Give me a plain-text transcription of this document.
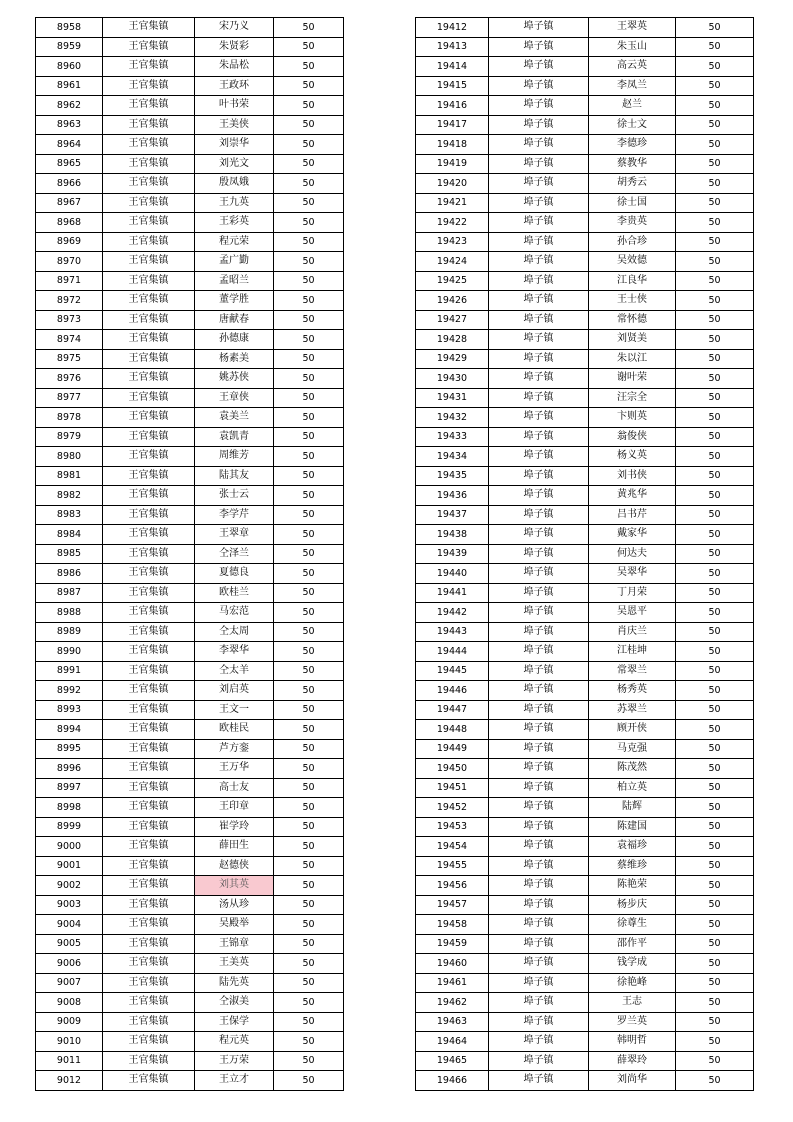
8958	王官集镇	宋乃义	50
8959	王官集镇	朱贤彩	50
8960	王官集镇	朱品松	50
8961	王官集镇	王政环	50
8962	王官集镇	叶书荣	50
8963	王官集镇	王美侠	50
8964	王官集镇	刘崇华	50
8965	王官集镇	刘光文	50
8966	王官集镇	殷凤娥	50
8967	王官集镇	王九英	50
8968	王官集镇	王彩英	50
8969	王官集镇	程元荣	50
8970	王官集镇	孟广勤	50
8971	王官集镇	孟昭兰	50
8972	王官集镇	董学胜	50
8973	王官集镇	唐献春	50
8974	王官集镇	孙德康	50
8975	王官集镇	杨素美	50
8976	王官集镇	姚苏侠	50
8977	王官集镇	王章侠	50
8978	王官集镇	袁美兰	50
8979	王官集镇	袁凯青	50
8980	王官集镇	周维芳	50
8981	王官集镇	陆其友	50
8982	王官集镇	张士云	50
8983	王官集镇	李学芹	50
8984	王官集镇	王翠章	50
8985	王官集镇	仝泽兰	50
8986	王官集镇	夏德良	50
8987	王官集镇	欧桂兰	50
8988	王官集镇	马宏范	50
8989	王官集镇	仝太周	50
8990	王官集镇	李翠华	50
8991	王官集镇	仝太羊	50
8992	王官集镇	刘启英	50
8993	王官集镇	王文一	50
8994	王官集镇	欧桂民	50
8995	王官集镇	芦方銮	50
8996	王官集镇	王万华	50
8997	王官集镇	高士友	50
8998	王官集镇	王印章	50
8999	王官集镇	崔学玲	50
9000	王官集镇	薛田生	50
9001	王官集镇	赵德侠	50
9002	王官集镇	刘其英	50
9003	王官集镇	汤从珍	50
9004	王官集镇	吴殿举	50
9005	王官集镇	王锦章	50
9006	王官集镇	王美英	50
9007	王官集镇	陆先英	50
9008	王官集镇	仝淑美	50
9009	王官集镇	王保学	50
9010	王官集镇	程元英	50
9011	王官集镇	王万荣	50
9012	王官集镇	王立才	50
19412	埠子镇	王翠英	50
19413	埠子镇	朱玉山	50
19414	埠子镇	高云英	50
19415	埠子镇	李凤兰	50
19416	埠子镇	赵兰	50
19417	埠子镇	徐士文	50
19418	埠子镇	李德珍	50
19419	埠子镇	蔡教华	50
19420	埠子镇	胡秀云	50
19421	埠子镇	徐士国	50
19422	埠子镇	李贵英	50
19423	埠子镇	孙合珍	50
19424	埠子镇	吴效德	50
19425	埠子镇	江良华	50
19426	埠子镇	王士侠	50
19427	埠子镇	常怀德	50
19428	埠子镇	刘贤美	50
19429	埠子镇	朱以江	50
19430	埠子镇	谢叶荣	50
19431	埠子镇	汪宗全	50
19432	埠子镇	卞则英	50
19433	埠子镇	翁俊侠	50
19434	埠子镇	杨义英	50
19435	埠子镇	刘书侠	50
19436	埠子镇	黄兆华	50
19437	埠子镇	吕书芹	50
19438	埠子镇	戴家华	50
19439	埠子镇	何达夫	50
19440	埠子镇	吴翠华	50
19441	埠子镇	丁月荣	50
19442	埠子镇	吴恩平	50
19443	埠子镇	肖庆兰	50
19444	埠子镇	江桂坤	50
19445	埠子镇	常翠兰	50
19446	埠子镇	杨秀英	50
19447	埠子镇	苏翠兰	50
19448	埠子镇	顾开侠	50
19449	埠子镇	马克强	50
19450	埠子镇	陈茂然	50
19451	埠子镇	柏立英	50
19452	埠子镇	陆辉	50
19453	埠子镇	陈建国	50
19454	埠子镇	袁福珍	50
19455	埠子镇	蔡维珍	50
19456	埠子镇	陈艳荣	50
19457	埠子镇	杨步庆	50
19458	埠子镇	徐尊生	50
19459	埠子镇	邵作平	50
19460	埠子镇	钱学成	50
19461	埠子镇	徐艳峰	50
19462	埠子镇	王志	50
19463	埠子镇	罗兰英	50
19464	埠子镇	韩明哲	50
19465	埠子镇	薛翠玲	50
19466	埠子镇	刘尚华	50
